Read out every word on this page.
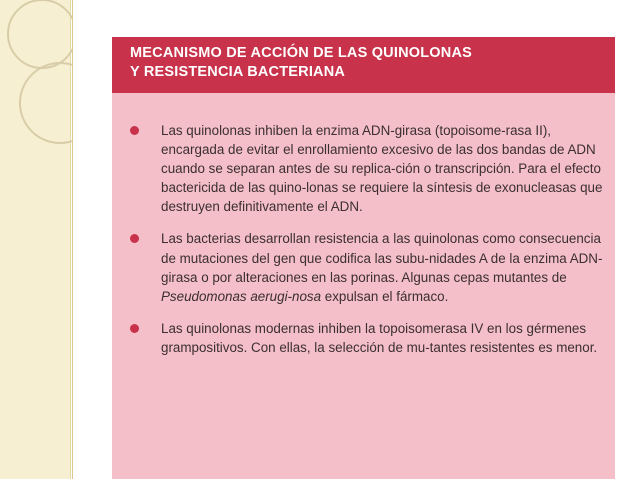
MECANISMO DE ACCIÓN DE LAS QUINOLONAS
Y RESISTENCIA BACTERIANA

Las quinolonas inhiben la enzima ADN-girasa (topoisome-rasa II), encargada de evitar el enrollamiento excesivo de las dos bandas de ADN cuando se separan antes de su replica-ción o transcripción. Para el efecto bactericida de las quino-lonas se requiere la síntesis de exonucleasas que destruyen definitivamente el ADN.

Las bacterias desarrollan resistencia a las quinolonas como consecuencia de mutaciones del gen que codifica las subu-nidades A de la enzima ADN-girasa o por alteraciones en las porinas. Algunas cepas mutantes de Pseudomonas aerugi-nosa expulsan el fármaco.

Las quinolonas modernas inhiben la topoisomerasa IV en los gérmenes grampositivos. Con ellas, la selección de mu-tantes resistentes es menor.
